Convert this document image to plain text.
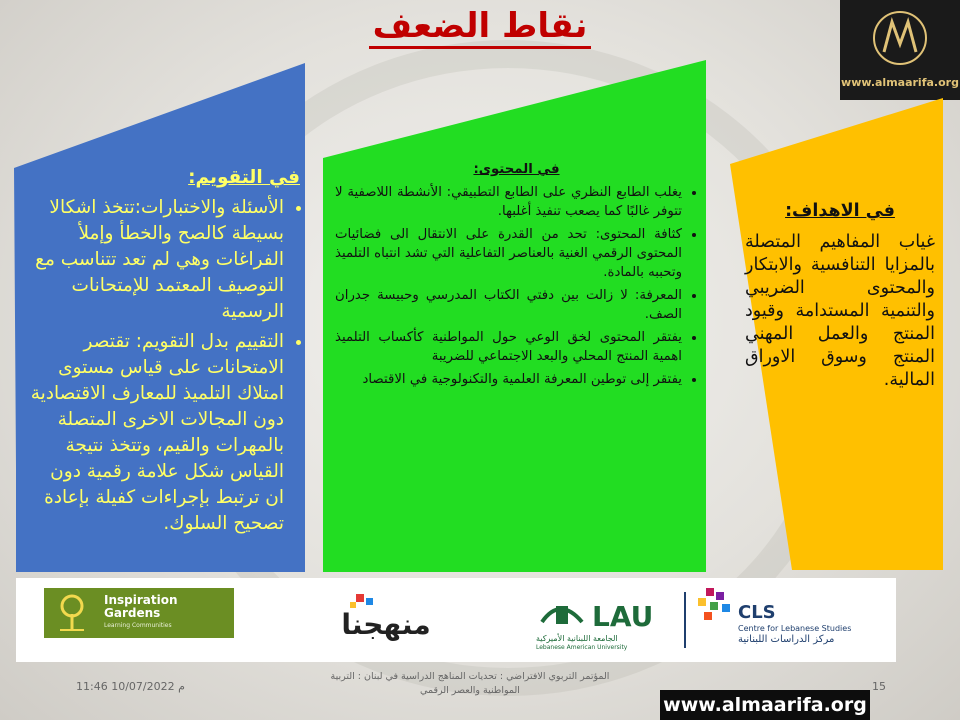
نقاط الضعف
www.almaarifa.org
في التقويم:
• الأسئلة والاختبارات:تتخذ اشكالا بسيطة كالصح والخطأ وإملأ الفراغات وهي لم تعد تتناسب مع التوصيف المعتمد للإمتحانات الرسمية
• التقييم بدل التقويم: تقتصر الامتحانات على قياس مستوى امتلاك التلميذ للمعارف الاقتصادية دون المجالات الاخرى المتصلة بالمهرات والقيم، وتتخذ نتيجة القياس شكل علامة رقمية دون ان ترتبط بإجراءات كفيلة بإعادة تصحيح السلوك.
في المحتوى:
• يغلب الطابع النظري على الطابع التطبيقي: الأنشطة اللاصفية لا تتوفر غالبًا كما يصعب تنفيذ أغلبها.
• كثافة المحتوى: تحد من القدرة على الانتقال الى فضائيات المحتوى الرقمي الغنية بالعناصر التفاعلية التي تشد انتباه التلميذ وتحببه بالمادة.
• المعرفة: لا زالت بين دفتي الكتاب المدرسي وحبيسة جدران الصف.
• يفتقر المحتوى لخق الوعي حول المواطنية كأكساب التلميذ اهمية المنتج المحلي والبعد الاجتماعي للضريبة
• يفتقر إلى توطين المعرفة العلمية والتكنولوجية في الاقتصاد
في الاهداف:
غياب المفاهيم المتصلة بالمزايا التنافسية والابتكار والمحتوى الضريبي والتنمية المستدامة وقيود المنتج والعمل المهني المنتج وسوق الاوراق المالية.
Inspiration Gardens
Learning Communities	منهجنا	LAU
الجامعة اللبنانية الأميركية
Lebanese American University
CLS
Centre for Lebanese Studies
مركز الدراسات اللبنانية
11:46 10/07/2022 م
المؤتمر التربوي الافتراضي : تحديات المناهج الدراسية في لبنان : التربية المواطنية والعصر الرقمي	15
www.almaarifa.org
